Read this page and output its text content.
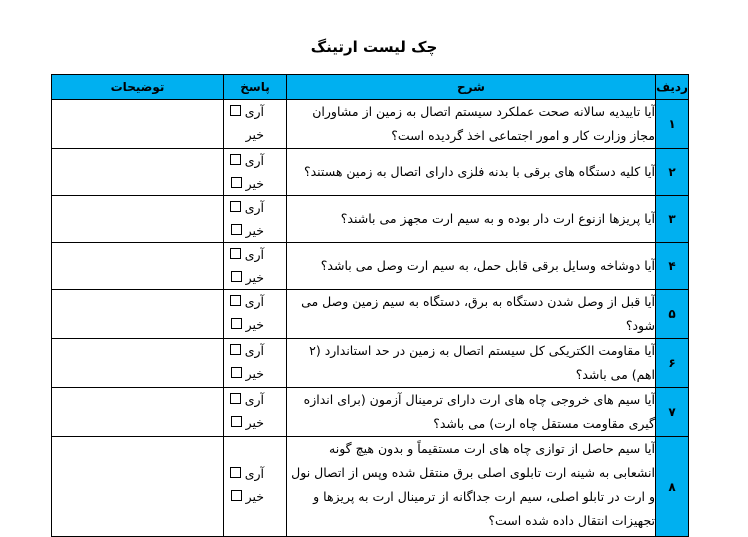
چک لیست ارتینگ
ردیف	شرح	پاسخ	توضیحات
۱	آیا تاییدیه سالانه صحت عملکرد سیستم اتصال به زمین از مشاوران مجاز وزارت کار و امور اجتماعی اخذ گردیده است؟	آری
خیر	

۲	آیا کلیه دستگاه های برقی با بدنه فلزی دارای اتصال به زمین هستند؟	آری
خیر	

۳	آیا پریزها ازنوع ارت دار بوده و به سیم ارت مجهز می باشند؟	آری
خیر	

۴	آیا دوشاخه وسایل برقی قابل حمل، به سیم ارت وصل می باشد؟	آری
خیر	

۵	آیا قبل از وصل شدن دستگاه به برق، دستگاه به سیم زمین وصل می شود؟	آری
خیر	

۶	آیا مقاومت الکتریکی کل سیستم اتصال به زمین در حد استاندارد (۲ اهم) می باشد؟	آری
خیر	

۷	آیا سیم های خروجی چاه های ارت دارای ترمینال آزمون (برای اندازه گیری مقاومت مستقل چاه ارت) می باشد؟	آری
خیر	

۸	آیا سیم حاصل از توازی چاه های ارت مستقیماً و بدون هیچ گونه انشعابی به شینه ارت تابلوی اصلی برق منتقل شده وپس از اتصال نول و ارت در تابلو اصلی، سیم ارت جداگانه از ترمینال ارت به پریزها و تجهیزات انتقال داده شده است؟	آری
خیر	
